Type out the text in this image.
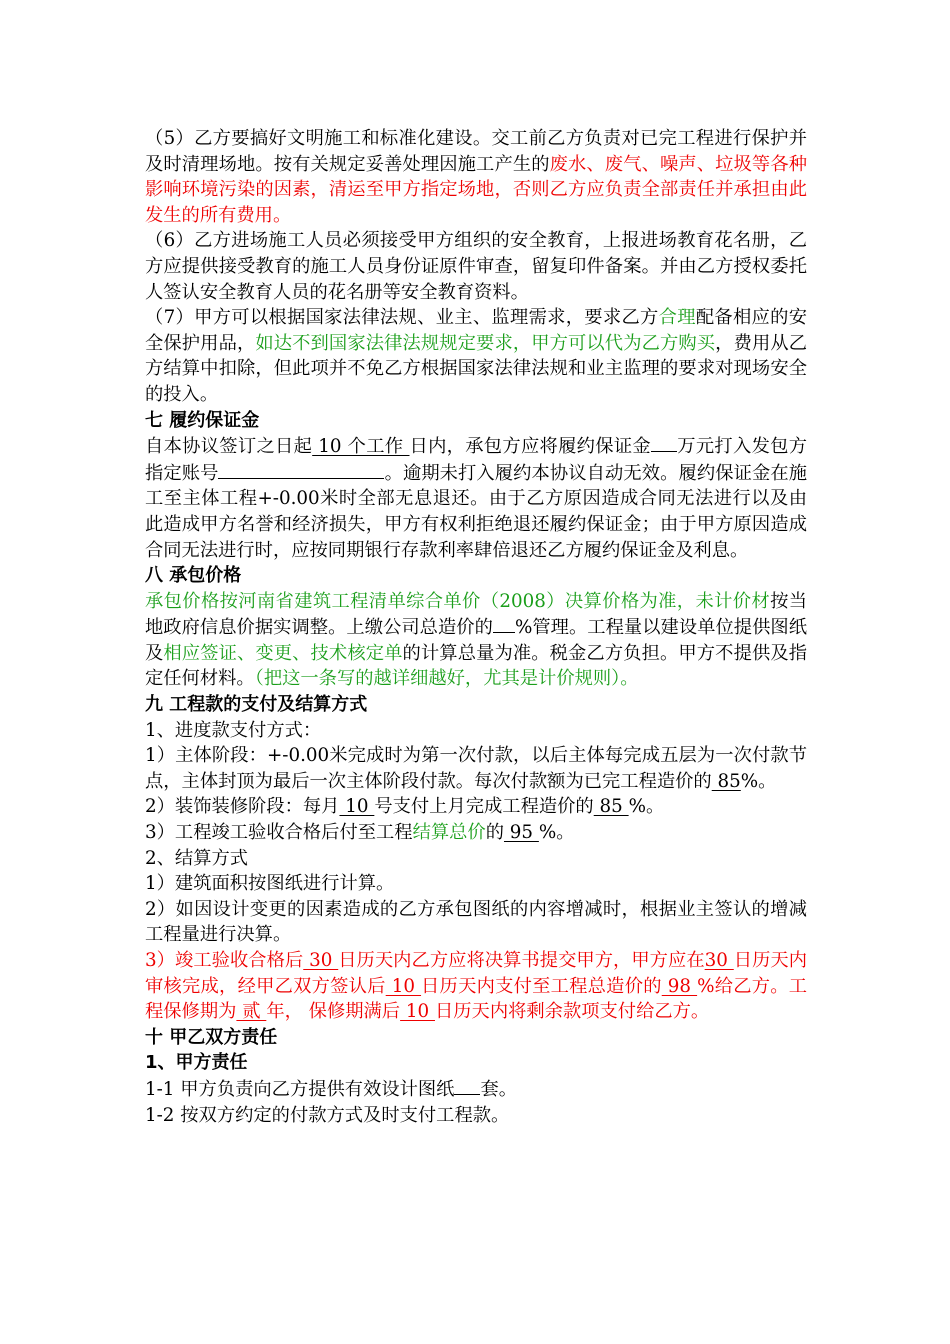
（5）乙方要搞好文明施工和标准化建设。交工前乙方负责对已完工程进行保护并及时清理场地。按有关规定妥善处理因施工产生的废水、废气、噪声、垃圾等各种影响环境污染的因素，清运至甲方指定场地，否则乙方应负责全部责任并承担由此发生的所有费用。

（6）乙方进场施工人员必须接受甲方组织的安全教育，上报进场教育花名册，乙方应提供接受教育的施工人员身份证原件审查，留复印件备案。并由乙方授权委托人签认安全教育人员的花名册等安全教育资料。

（7）甲方可以根据国家法律法规、业主、监理需求，要求乙方合理配备相应的安全保护用品，如达不到国家法律法规规定要求，甲方可以代为乙方购买，费用从乙方结算中扣除，但此项并不免乙方根据国家法律法规和业主监理的要求对现场安全的投入。

七 履约保证金

自本协议签订之日起 10 个工作 日内，承包方应将履约保证金 万元打入发包方指定账号	。逾期未打入履约本协议自动无效。履约保证金在施工至主体工程+-0.00米时全部无息退还。由于乙方原因造成合同无法进行以及由此造成甲方名誉和经济损失，甲方有权利拒绝退还履约保证金；由于甲方原因造成合同无法进行时，应按同期银行存款利率肆倍退还乙方履约保证金及利息。

八 承包价格

承包价格按河南省建筑工程清单综合单价（2008）决算价格为准，未计价材按当地政府信息价据实调整。上缴公司总造价的 %管理。工程量以建设单位提供图纸及相应签证、变更、技术核定单的计算总量为准。税金乙方负担。甲方不提供及指定任何材料。（把这一条写的越详细越好，尤其是计价规则）。

九 工程款的支付及结算方式

1、进度款支付方式：

1）主体阶段：+-0.00米完成时为第一次付款，以后主体每完成五层为一次付款节点，主体封顶为最后一次主体阶段付款。每次付款额为已完工程造价的 85%。

2）装饰装修阶段：每月 10 号支付上月完成工程造价的 85 %。

3）工程竣工验收合格后付至工程结算总价的 95 %。

2、结算方式

1）建筑面积按图纸进行计算。

2）如因设计变更的因素造成的乙方承包图纸的内容增减时，根据业主签认的增减工程量进行决算。

3）竣工验收合格后 30 日历天内乙方应将决算书提交甲方，甲方应在30 日历天内审核完成，经甲乙双方签认后 10 日历天内支付至工程总造价的 98 %给乙方。工程保修期为 贰 年， 保修期满后 10 日历天内将剩余款项支付给乙方。

十 甲乙双方责任

1、甲方责任

1-1 甲方负责向乙方提供有效设计图纸 套。

1-2 按双方约定的付款方式及时支付工程款。
